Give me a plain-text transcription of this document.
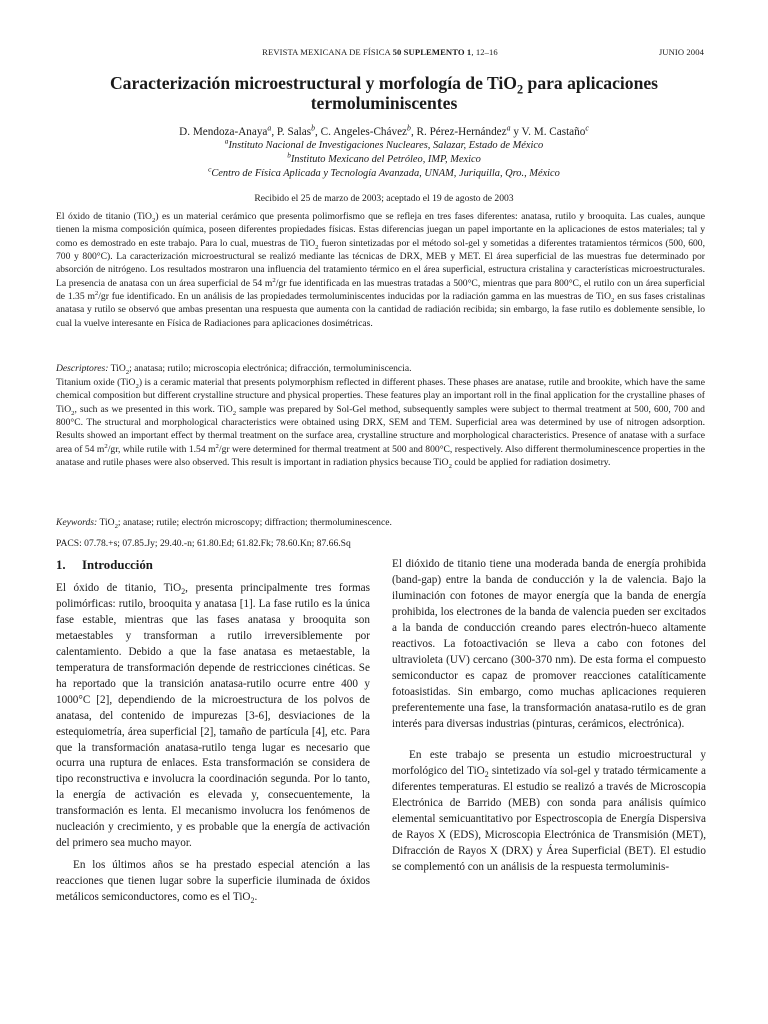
REVISTA MEXICANA DE FÍSICA 50 SUPLEMENTO 1, 12–16	JUNIO 2004
Caracterización microestructural y morfología de TiO$_2$ para aplicaciones
termoluminiscentes
D. Mendoza-Anaya$^a$, P. Salas$^b$, C. Angeles-Chávez$^b$, R. Pérez-Hernández$^a$ y V. M. Castaño$^c$
$^a$Instituto Nacional de Investigaciones Nucleares, Salazar, Estado de México
$^b$Instituto Mexicano del Petróleo, IMP, Mexico
$^c$Centro de Física Aplicada y Tecnología Avanzada, UNAM, Juriquilla, Qro., México
Recibido el 25 de marzo de 2003; aceptado el 19 de agosto de 2003
El óxido de titanio (TiO$_2$) es un material cerámico que presenta polimorfismo que se refleja en tres fases diferentes: anatasa, rutilo y brooquita. Las cuales, aunque tienen la misma composición química, poseen diferentes propiedades físicas. Estas diferencias juegan un papel importante en la aplicaciones de estos materiales; tal y como es demostrado en este trabajo. Para lo cual, muestras de TiO$_2$ fueron sintetizadas por el método sol-gel y sometidas a diferentes tratamientos térmicos (500, 600, 700 y 800°C). La caracterización microestructural se realizó mediante las técnicas de DRX, MEB y MET. El área superficial de las muestras fue determinado por absorción de nitrógeno. Los resultados mostraron una influencia del tratamiento térmico en el área superficial, estructura cristalina y características microestructurales. La presencia de anatasa con un área superficial de 54 $m^2/gr$ fue identificada en las muestras tratadas a 500°C, mientras que para 800°C, el rutilo con un área superficial de 1.35 $m^2/gr$ fue identificado. En un análisis de las propiedades termoluminiscentes inducidas por la radiación gamma en las muestras de TiO$_2$ en sus fases cristalinas anatasa y rutilo se observó que ambas presentan una respuesta que aumenta con la cantidad de radiación recibida; sin embargo, la fase rutilo es doblemente sensible, lo cual la vuelve interesante en Física de Radiaciones para aplicaciones dosimétricas.
Descriptores: TiO$_2$; anatasa; rutilo; microscopia electrónica; difracción, termoluminiscencia.
Titanium oxide (TiO$_2$) is a ceramic material that presents polymorphism reflected in different phases. These phases are anatase, rutile and brookite, which have the same chemical composition but different crystalline structure and physical properties. These features play an important roll in the final application for the crystalline phases of TiO$_2$, such as we presented in this work. TiO$_2$ sample was prepared by Sol-Gel method, subsequently samples were subject to thermal treatment at 500, 600, 700 and 800°C. The structural and morphological characteristics were obtained using DRX, SEM and TEM. Superficial area was determined by use of nitrogen adsorption. Results showed an important effect by thermal treatment on the surface area, crystalline structure and morphological characteristics. Presence of anatase with a surface area of 54 $m^2/gr$, while rutile with 1.54 $m^2/gr$ were determined for thermal treatment at 500 and 800°C, respectively. Also different thermoluminescence properties in the anatase and rutile phases were also observed. This result is important in radiation physics because TiO$_2$ could be applied for radiation dosimetry.
Keywords: TiO$_2$; anatase; rutile; electrón microscopy; diffraction; thermoluminescence.
PACS: 07.78.+s; 07.85.Jy; 29.40.-n; 61.80.Ed; 61.82.Fk; 78.60.Kn; 87.66.Sq
1. Introducción

El óxido de titanio, TiO$_2$, presenta principalmente tres formas polimórficas: rutilo, brooquita y anatasa [1]. La fase rutilo es la única fase estable, mientras que las fases anatasa y brooquita son metaestables y transforman a rutilo irreversiblemente por calentamiento. Debido a que la fase anatasa es metaestable, la temperatura de transformación depende de restricciones cinéticas. Se ha reportado que la transición anatasa-rutilo ocurre entre 400 y 1000°C [2], dependiendo de la microestructura de los polvos de anatasa, del contenido de impurezas [3-6], desviaciones de la estequiometría, área superficial [2], tamaño de partícula [4], etc. Para que la transformación anatasa-rutilo tenga lugar es necesario que ocurra una ruptura de enlaces. Esta transformación se considera de tipo reconstructiva e involucra la coordinación segunda. Por lo tanto, la energía de activación es elevada y, consecuentemente, la transformación es lenta. El mecanismo involucra los fenómenos de nucleación y crecimiento, y es probable que la energía de activación del primero sea mucho mayor.

En los últimos años se ha prestado especial atención a las reacciones que tienen lugar sobre la superficie iluminada de óxidos metálicos semiconductores, como es el TiO$_2$.

El dióxido de titanio tiene una moderada banda de energía prohibida (band-gap) entre la banda de conducción y la de valencia. Bajo la iluminación con fotones de mayor energía que la banda de energía prohibida, los electrones de la banda de valencia pueden ser excitados a la banda de conducción creando pares electrón-hueco altamente reactivos. La fotoactivación se lleva a cabo con fotones del ultravioleta (UV) cercano (300-370 nm). De esta forma el compuesto semiconductor es capaz de promover reacciones catalíticamente fotoasistidas. Sin embargo, como muchas aplicaciones requieren preferentemente una fase, la transformación anatasa-rutilo es de gran interés para diversas industrias (pinturas, cerámicos, electrónica).

En este trabajo se presenta un estudio microestructural y morfológico del TiO$_2$ sintetizado vía sol-gel y tratado térmicamente a diferentes temperaturas. El estudio se realizó a través de Microscopia Electrónica de Barrido (MEB) con sonda para análisis químico elemental semicuantitativo por Espectroscopia de Energía Dispersiva de Rayos X (EDS), Microscopia Electrónica de Transmisión (MET), Difracción de Rayos X (DRX) y Área Superficial (BET). El estudio se complementó con un análisis de la respuesta termoluminis-
